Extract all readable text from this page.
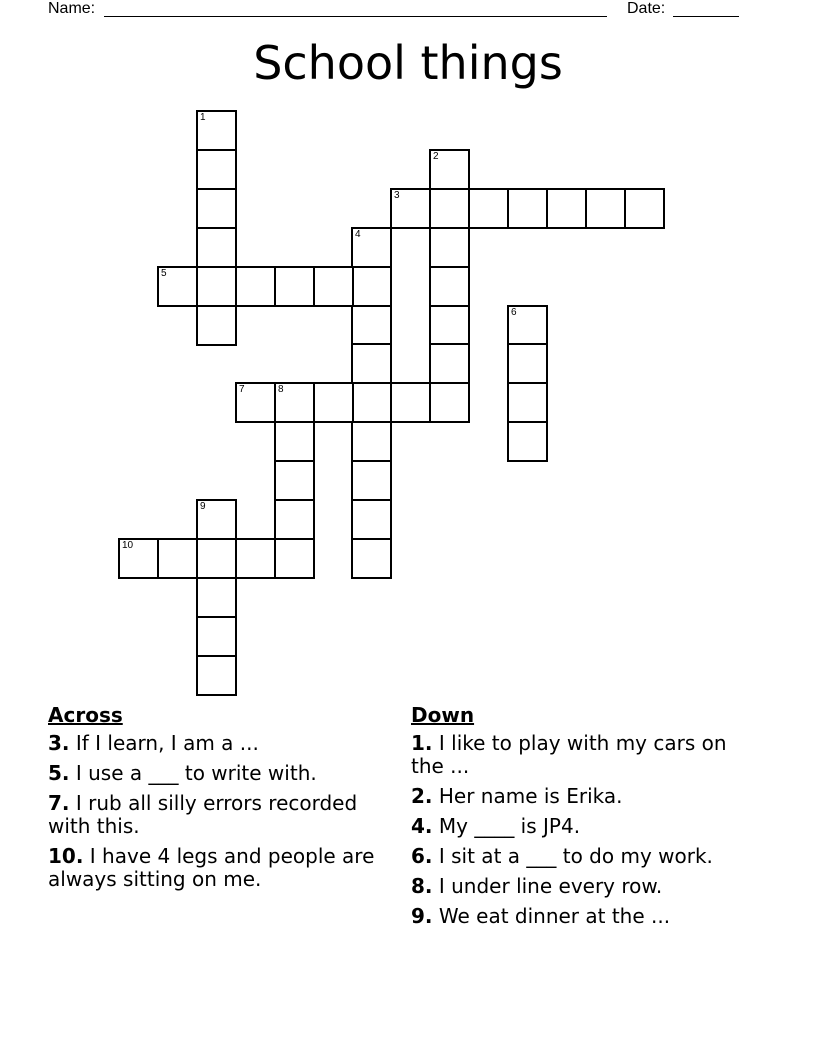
Name:	Date:
School things
1
2
3
4
5
6
7	8
9
10
Across
3. If I learn, I am a ...
5. I use a ___ to write with.
7. I rub all silly errors recorded with this.
10. I have 4 legs and people are always sitting on me.
Down
1. I like to play with my cars on the ...
2. Her name is Erika.
4. My ____ is JP4.
6. I sit at a ___ to do my work.
8. I under line every row.
9. We eat dinner at the ...
